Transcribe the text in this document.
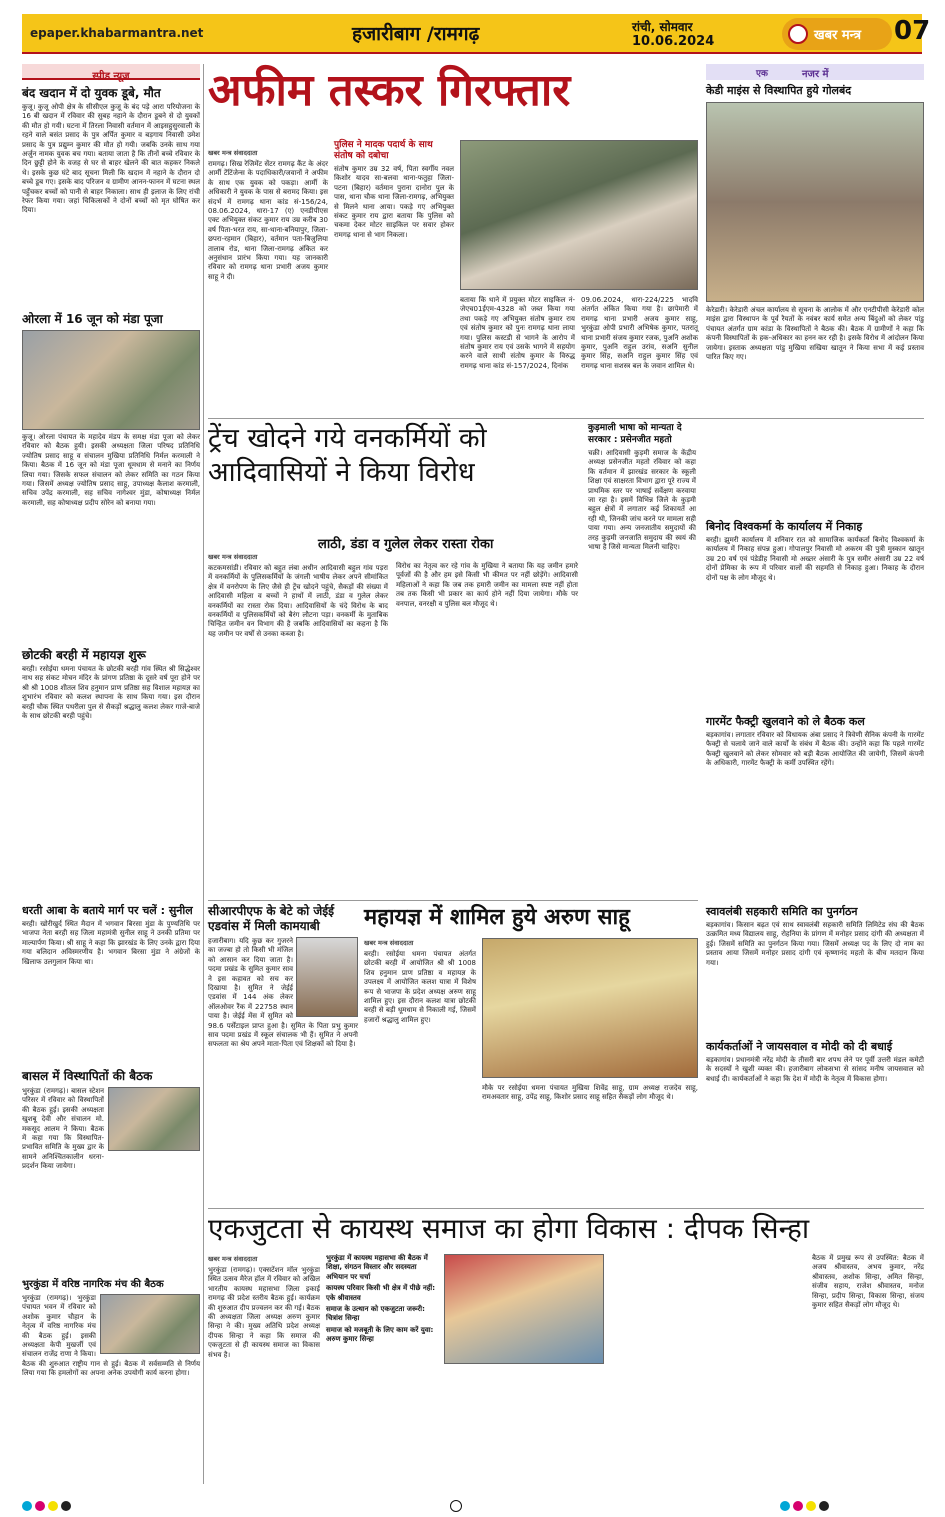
epaper.khabarmantra.net	हजारीबाग /रामगढ़	रांची, सोमवार
10.06.2024	खबर मन्त्र 07
स्पीड न्यूज
बंद खदान में दो युवक डूबे, मौत
कुजू। कुजू ओपी क्षेत्र के सीसीएल कुजू के बंद पड़े आरा परियोजना के 16 बी खदान में रविवार की सुबह नहाने के दौरान डूबने से दो युवकों की मौत हो गयी। घटना में तिरला निवासी वर्तमान में आइसहुसुरवाली के रहने वाले बसंत प्रसाद के पुत्र अर्पित कुमार व बड़गाय निवासी उमेश प्रसाद के पुत्र प्रद्युम्न कुमार की मौत हो गयी। जबकि उनके साथ गया अर्जुन नामक युवक बच गया। बताया जाता है कि तीनों बच्चे रविवार के दिन छुट्टी होने के वजह से घर से बाहर खेलने की बात कहकर निकले थे। इसके कुछ घंटे बाद सूचना मिली कि खदान में नहाने के दौरान दो बच्चे डूब गए। इसके बाद परिजन व ग्रामीण आनन-फानन में घटना स्थल पहुँचकर बच्चों को पानी से बाहर निकाला। साथ ही इलाज के लिए रांची रेफर किया गया। जहां चिकित्सकों ने दोनों बच्चों को मृत घोषित कर दिया।
ओरला में 16 जून को मंडा पूजा
कुजू। ओरला पंचायत के महादेव मंडप के समक्ष मंडा पूजा को लेकर रविवार को बैठक हुयी। इसकी अध्यक्षता जिला परिषद प्रतिनिधि ज्योतिष प्रसाद साहू व संचालन मुखिया प्रतिनिधि निर्मल करमाली ने किया। बैठक में 16 जून को मंडा पूजा धूमधाम से मनाने का निर्णय लिया गया। जिसके सफल संचालन को लेकर समिति का गठन किया गया। जिसमें अध्यक्ष ज्योतिष प्रसाद साहू, उपाध्यक्ष कैलाश करमाली, सचिव उपेंद्र करमाली, सह सचिव नागेश्वर मुंडा, कोषाध्यक्ष निर्मल करमाली, सह कोषाध्यक्ष प्रदीप सोरेन को बनाया गया।
छोटकी बरही में महायज्ञ शुरू
बरही। रसोईया धमना पंचायत के छोटकी बरही गांव स्थित श्री सिद्धेश्वर नाथ सह संकट मोचन मंदिर के प्रांगण प्रतिष्ठा के दूसरे वर्ष पूरा होने पर श्री श्री 1008 शीतल शिव हनुमान प्राण प्रतिष्ठा सह विशाल महायज्ञ का शुभारंभ रविवार को कलश स्थापना के साथ किया गया। इस दौरान बरही चौक स्थित पथरीला पुल से सैकड़ों श्रद्धालु कलश लेकर गाजे-बाजे के साथ छोटकी बरही पहुंचे।
धरती आबा के बताये मार्ग पर चलें : सुनील
बरही। खोरीखुर्द स्थित मैदान में भगवान बिरसा मुंडा के पुण्यतिथि पर भाजपा नेता बरही सह जिला महामंत्री सुनील साहू ने उनकी प्रतिमा पर माल्यार्पण किया। श्री साहू ने कहा कि झारखंड के लिए उनके द्वारा दिया गया बलिदान अविस्मरणीय है। भगवान बिरसा मुंडा ने अंग्रेजों के खिलाफ उलगुलान किया था।
बासल में विस्थापितों की बैठक
भुरकुंडा (रामगढ़)। बासल स्टेशन परिसर में रविवार को विस्थापितों की बैठक हुई। इसकी अध्यक्षता खुशबू देवी और संचालन मो. मकसूद आलम ने किया। बैठक में कहा गया कि विस्थापित-प्रभावित समिति के मुख्य द्वार के सामने अनिश्चितकालीन धरना-प्रदर्शन किया जायेगा।
भुरकुंडा में वरिष्ठ नागरिक मंच की बैठक
भुरकुंडा (रामगढ़)। भुरकुंडा पंचायत भवन में रविवार को अशोक कुमार चौहान के नेतृत्व में वरिष्ठ नागरिक मंच की बैठक हुई। इसकी अध्यक्षता केपी मुखर्जी एवं संचालन राजेंद्र राणा ने किया। बैठक की शुरुआत राष्ट्रीय गान से हुई। बैठक में सर्वसम्मति से निर्णय लिया गया कि हमलोगों का अपना अनेक उपयोगी कार्य करना होगा।
अफीम तस्कर गिरफ्तार
खबर मन्त्र संवाददाता
रामगढ़। सिख रेजिमेंट सेंटर रामगढ़ कैंट के अंदर आर्मी टेंटिंजेन्स के पदाधिकारी/जवानों ने अफीम के साथ एक युवक को पकड़ा। आर्मी के अधिकारी ने युवक के पास से बरामद किया। इस संदर्भ में रामगढ़ थाना कांड सं-156/24, 08.06.2024, धारा-17 (ए) एनडीपीएस एक्ट अभियुक्त संकट कुमार राय उम्र करीब 30 वर्ष पिता-भरत राय, सा-थाना-बनियापुर, जिला-छपरा-रहमान (बिहार), वर्तमान पता-बिजुलिया तालाब रोड, थाना जिला-रामगढ़ अंकित कर अनुसंधान प्रारंभ किया गया। यह जानकारी रविवार को रामगढ़ थाना प्रभारी अजय कुमार साहू ने दी।
पुलिस ने मादक पदार्थ के साथ संतोष को दबोचा
संतोष कुमार उम्र 32 वर्ष, पिता स्वर्गीय नवल किशोर यादव सा-बलवा थाना-फतुहा जिला-पटना (बिहार) वर्तमान पुराना दानोरा पुल के पास, थाना चौक थाना जिला-रामगढ़, अभियुक्त से मिलने थाना आया। पकड़े गए अभियुक्त संकट कुमार राय द्वारा बताया कि पुलिस को चकमा देकर मोटर साइकिल पर सवार होकर रामगढ़ थाना से भाग निकला।
बताया कि थाने में प्रयुक्त मोटर साइकिल नं- जेएच01ईएम-4328 को जब्त किया गया तथा पकड़े गए अभियुक्त संतोष कुमार राय एवं संतोष कुमार को पुनः रामगढ़ थाना लाया गया। पुलिस कस्टडी से भागने के आरोप में संतोष कुमार राय एवं उसके भागने में सहयोग करने वाले साथी संतोष कुमार के विरुद्ध रामगढ़ थाना कांड सं-157/2024, दिनांक
09.06.2024, धारा-224/225 भादवि अंतर्गत अंकित किया गया है। छापेमारी में रामगढ़ थाना प्रभारी अजय कुमार साहू, भुरकुंडा ओपी प्रभारी अभिषेक कुमार, पतरातू थाना प्रभारी संजय कुमार रजक, पुअनि अशोक कुमार, पुअनि राहुल उरांव, सअनि सुनील कुमार सिंह, सअनि राहुल कुमार सिंह एवं रामगढ़ थाना सशस्त्र बल के जवान शामिल थे।
एक	नजर में
केडी माइंस से विस्थापित हुये गोलबंद
केरेडारी। केरेडारी अंचल कार्यालय से सूचना के आलोक में और एनटीपीसी केरेडारी कोल माइंस द्वारा विस्थापन के पूर्व रैयतों के नवंबर कार्य समेत अन्य बिंदुओं को लेकर पांडु पंचायत अंतर्गत ग्राम कांडा के विस्थापितों ने बैठक की। बैठक में ग्रामीणों ने कहा कि कंपनी विस्थापितों के हक-अधिकार का हनन कर रही है। इसके विरोध में आंदोलन किया जायेगा। इस्ताक अध्यक्षता पांडु मुखिया सखिया खातून ने किया सभा में कई प्रस्ताव पारित किए गए।
ट्रेंच खोदने गये वनकर्मियों को आदिवासियों ने किया विरोध
लाठी, डंडा व गुलेल लेकर रास्ता रोका
खबर मन्त्र संवाददाता
कटकमसांडी। रविवार को बहुत लंबा अधीन आदिवासी बहुल गांव पड़रा में वनकर्मियों के पुलिसकर्मियों के जंगली भाषीय लेकर अपने सीमांकित क्षेत्र में वनरोपण के लिए जैसे ही ट्रेंच खोदने पहुंचे, सैकड़ों की संख्या में आदिवासी महिला व बच्चों ने हाथों में लाठी, डंडा व गुलेल लेकर वनकर्मियों का रास्ता रोक दिया। आदिवासियों के चंदे विरोध के बाद वनकर्मियों व पुलिसकर्मियों को बैरंग लौटना पड़ा। वनकर्मी के मुताबिक चिन्हित जमीन वन विभाग की है जबकि आदिवासियों का कहना है कि यह जमीन पर वर्षों से उनका कब्जा है।
विरोध का नेतृत्व कर रहे गांव के मुखिया ने बताया कि यह जमीन हमारे पूर्वजों की है और हम इसे किसी भी कीमत पर नहीं छोड़ेंगे। आदिवासी महिलाओं ने कहा कि जब तक हमारी जमीन का मामला स्पष्ट नहीं होता तब तक किसी भी प्रकार का कार्य होने नहीं दिया जायेगा। मौके पर वनपाल, वनरक्षी व पुलिस बल मौजूद थे।
कुड़माली भाषा को मान्यता दे सरकार : प्रसेनजीत महतो
चक्री। आदिवासी कुड़मी समाज के केंद्रीय अध्यक्ष प्रसेनजीत महतो रविवार को कहा कि वर्तमान में झारखंड सरकार के स्कूली शिक्षा एवं साक्षरता विभाग द्वारा पूरे राज्य में प्राथमिक स्तर पर भाषाई सर्वेक्षण करवाया जा रहा है। इसमें विभिन्न जिले के कुड़मी बहुल क्षेत्रों में लगातार कई शिकायतें आ रही थी, जिनकी जांच करने पर मामला सही पाया गया। अन्य जनजातीय समुदायों की तरह कुड़मी जनजाति समुदाय की स्वयं की भाषा है जिसे मान्यता मिलनी चाहिए।
बिनोद विश्वकर्मा के कार्यालय में निकाह
बरही। झुमरी कार्यालय में शनिवार रात को सामाजिक कार्यकर्ता बिनोद विश्वकर्मा के कार्यालय में निकाह संपन्न हुआ। गोपालपुर निवासी मो अकरम की पुत्री मुस्कान खातून उम्र 20 वर्ष एवं पंडेडीह निवासी मो अख्तर अंसारी के पुत्र समीर अंसारी उम्र 22 वर्ष दोनों प्रेमिका के रूप में परिवार वालों की सहमति से निकाह हुआ। निकाह के दौरान दोनों पक्ष के लोग मौजूद थे।
गारमेंट फैक्ट्री खुलवाने को ले बैठक कल
बड़कागांव। लगातार रविवार को विधायक अंबा प्रसाद ने त्रिवेणी सैनिक कंपनी के गारमेंट फैक्ट्री से चलाये जाने वाले कार्यों के संबंध में बैठक की। उन्होंने कहा कि पहले गारमेंट फैक्ट्री खुलवाने को लेकर सोमवार को बड़ी बैठक आयोजित की जायेगी, जिसमें कंपनी के अधिकारी, गारमेंट फैक्ट्री के कर्मी उपस्थित रहेंगे।
सीआरपीएफ के बेटे को जेईई एडवांस में मिली कामयाबी
हजारीबाग। यदि कुछ कर गुजरने का जज्बा हो तो किसी भी मंजिल को आसान कर दिया जाता है। पदमा प्रखंड के सुमित कुमार साव ने इस कहावत को सच कर दिखाया है। सुमित ने जेईई एडवांस में 144 अंक लेकर ऑलओवर रैंक में 22758 स्थान पाया है। जेईई मेंस में सुमित को 98.6 पर्सेंटाइल प्राप्त हुआ है। सुमित के पिता प्रभु कुमार साव पदमा प्रखंड में स्कूल संचालक भी हैं। सुमित ने अपनी सफलता का श्रेय अपने माता-पिता एवं शिक्षकों को दिया है।
महायज्ञ में शामिल हुये अरुण साहू
खबर मन्त्र संवाददाता
बरही। रसोईया धमना पंचायत अंतर्गत छोटकी बरही में आयोजित श्री श्री 1008 शिव हनुमान प्राण प्रतिष्ठा व महायज्ञ के उपलक्ष्य में आयोजित कलश यात्रा में विशेष रूप से भाजपा के प्रदेश अध्यक्ष अरुण साहू शामिल हुए। इस दौरान कलश यात्रा छोटकी बरही से बड़ी धूमधाम से निकाली गई, जिसमें हजारों श्रद्धालु शामिल हुए।
मौके पर रसोईया धमना पंचायत मुखिया शिवेंद्र साहू, ग्राम अध्यक्ष राजदेव साहू, रामअवतार साहू, उपेंद्र साहू, किशोर प्रसाद साहू सहित सैकड़ों लोग मौजूद थे।
स्वावलंबी सहकारी समिति का पुनर्गठन
बड़कागांव। किसान बढ़त एवं साथ स्वावलंबी सहकारी समिति लिमिटेड संघ की बैठक उत्क्रमित मध्य विद्यालय साहू, रोहनिया के प्रांगण में मनोहर प्रसाद दांगी की अध्यक्षता में हुई। जिसमें समिति का पुनर्गठन किया गया। जिसमें अध्यक्ष पद के लिए दो नाम का प्रस्ताव आया जिसमें मनोहर प्रसाद दांगी एवं कृष्णानंद महतो के बीच मतदान किया गया।
कार्यकर्ताओं ने जायसवाल व मोदी को दी बधाई
बड़कागांव। प्रधानमंत्री नरेंद्र मोदी के तीसरी बार शपथ लेने पर पूर्वी उत्तरी मंडल कमेटी के सदस्यों ने खुशी व्यक्त की। हजारीबाग लोकसभा से सांसद मनीष जायसवाल को बधाई दी। कार्यकर्ताओं ने कहा कि देश में मोदी के नेतृत्व में विकास होगा।
एकजुटता से कायस्थ समाज का होगा विकास : दीपक सिन्हा
खबर मन्त्र संवाददाता
भुरकुंडा (रामगढ़)। एक्सटेंशन मॉल भुरकुंडा स्थित उत्सव मैरेज हॉल में रविवार को अखिल भारतीय कायस्थ महासभा जिला इकाई रामगढ़ की प्रदेश स्तरीय बैठक हुई। कार्यक्रम की शुरुआत दीप प्रज्वलन कर की गई। बैठक की अध्यक्षता जिला अध्यक्ष अरुण कुमार सिन्हा ने की। मुख्य अतिथि प्रदेश अध्यक्ष दीपक सिन्हा ने कहा कि समाज की एकजुटता से ही कायस्थ समाज का विकास संभव है।
भुरकुंडा में कायस्थ महासभा की बैठक में शिक्षा, संगठन विस्तार और सदस्यता अभियान पर चर्चा
कायस्थ परिवार किसी भी क्षेत्र में पीछे नहीं: एके श्रीवास्तव
समाज के उत्थान को एकजुटता जरूरी: चित्रांश सिन्हा
समाज को मजबूती के लिए काम करें युवा: अरुण कुमार सिन्हा
बैठक में प्रमुख रूप से उपस्थित: बैठक में अजय श्रीवास्तव, अभय कुमार, नरेंद्र श्रीवास्तव, अशोक सिन्हा, अमित सिन्हा, संजीव सहाय, राजेश श्रीवास्तव, मनोज सिन्हा, प्रदीप सिन्हा, विकास सिन्हा, संजय कुमार सहित सैकड़ों लोग मौजूद थे।
